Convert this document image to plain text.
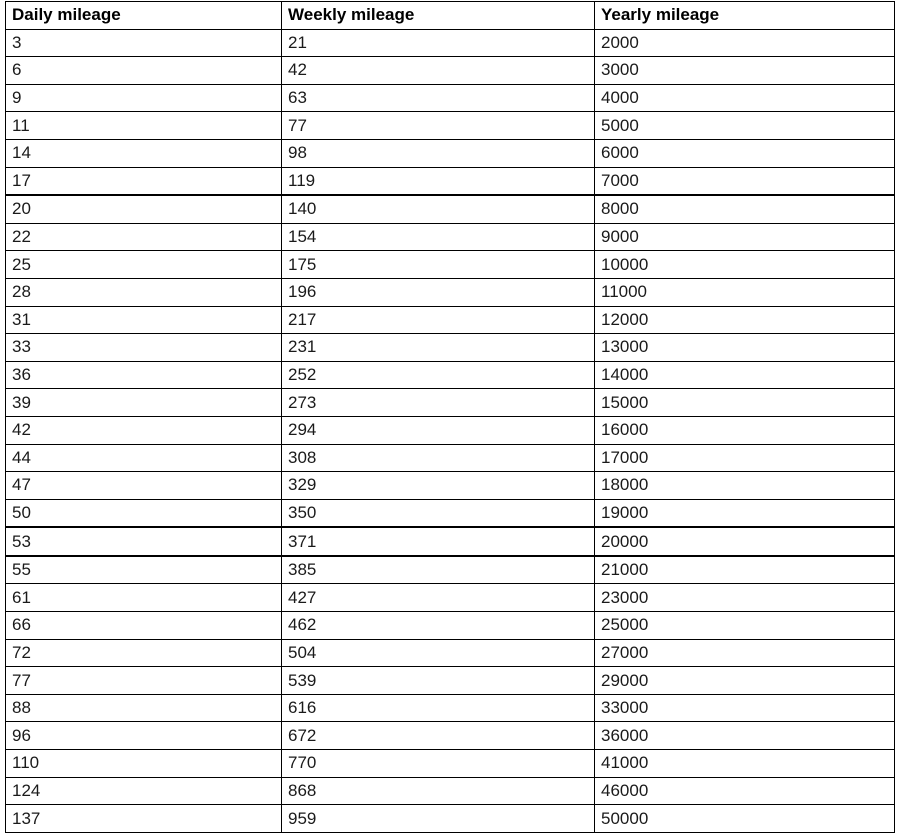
Daily mileage	Weekly mileage	Yearly mileage
3	21	2000
6	42	3000
9	63	4000
11	77	5000
14	98	6000
17	119	7000
20	140	8000
22	154	9000
25	175	10000
28	196	11000
31	217	12000
33	231	13000
36	252	14000
39	273	15000
42	294	16000
44	308	17000
47	329	18000
50	350	19000
53	371	20000
55	385	21000
61	427	23000
66	462	25000
72	504	27000
77	539	29000
88	616	33000
96	672	36000
110	770	41000
124	868	46000
137	959	50000
